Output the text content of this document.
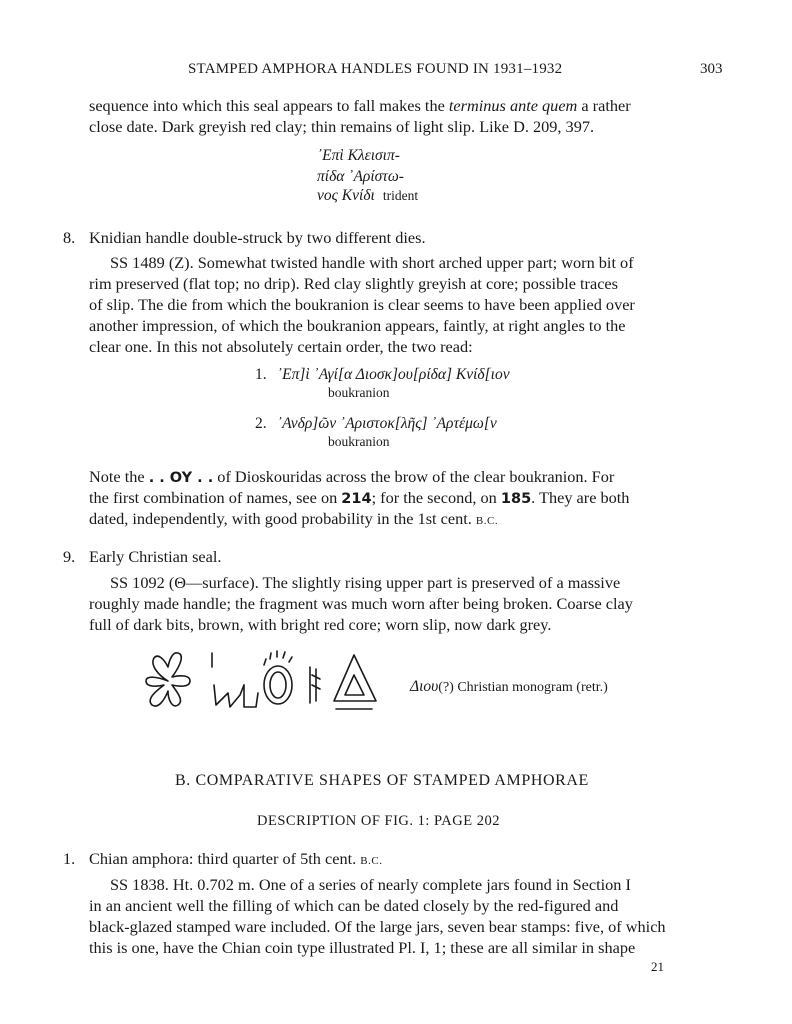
STAMPED AMPHORA HANDLES FOUND IN 1931–1932	303
sequence into which this seal appears to fall makes the terminus ante quem a rather
close date. Dark greyish red clay; thin remains of light slip. Like D. 209, 397.
᾿Επὶ Κλεισιπ-
πίδα ᾿Αρίστω-
νος Κνίδι trident
8. Knidian handle double-struck by two different dies.
SS 1489 (Z). Somewhat twisted handle with short arched upper part; worn bit of
rim preserved (flat top; no drip). Red clay slightly greyish at core; possible traces
of slip. The die from which the boukranion is clear seems to have been applied over
another impression, of which the boukranion appears, faintly, at right angles to the
clear one. In this not absolutely certain order, the two read:
1. ᾿Επ]ὶ ᾿Αγί[α Διοσκ]ου[ρίδα] Κνίδ[ιον
boukranion
2. ᾿Ανδρ]ῶν ᾿Αριστοκ[λῆς] ᾿Αρτέμω[ν
boukranion
Note the . . OY . . of Dioskouridas across the brow of the clear boukranion. For
the first combination of names, see on 214; for the second, on 185. They are both
dated, independently, with good probability in the 1st cent. B.C.
9. Early Christian seal.
SS 1092 (Θ—surface). The slightly rising upper part is preserved of a massive
roughly made handle; the fragment was much worn after being broken. Coarse clay
full of dark bits, brown, with bright red core; worn slip, now dark grey.
Διου(?) Christian monogram (retr.)
B. COMPARATIVE SHAPES OF STAMPED AMPHORAE
DESCRIPTION OF FIG. 1: PAGE 202
1. Chian amphora: third quarter of 5th cent. B.C.
SS 1838. Ht. 0.702 m. One of a series of nearly complete jars found in Section I
in an ancient well the filling of which can be dated closely by the red-figured and
black-glazed stamped ware included. Of the large jars, seven bear stamps: five, of which
this is one, have the Chian coin type illustrated Pl. I, 1; these are all similar in shape
21
